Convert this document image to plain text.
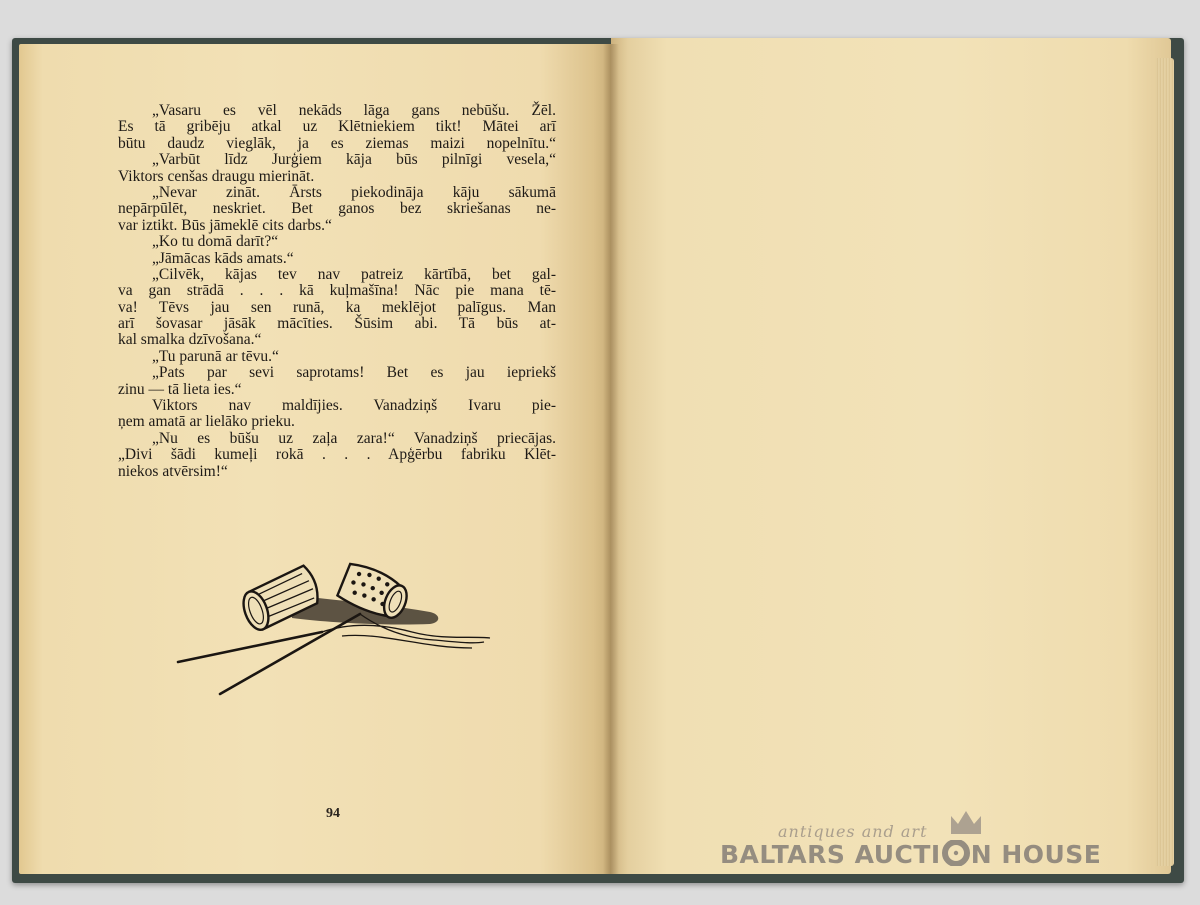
„Vasaru es vēl nekāds lāga gans nebūšu. Žēl.
Es tā gribēju atkal uz Klētniekiem tikt! Mātei arī
būtu daudz vieglāk, ja es ziemas maizi nopelnītu.“
„Varbūt līdz Jurģiem kāja būs pilnīgi vesela,“
Viktors cenšas draugu mierināt.
„Nevar zināt. Ārsts piekodināja kāju sākumā
nepārpūlēt, neskriet. Bet ganos bez skriešanas ne-
var iztikt. Būs jāmeklē cits darbs.“
„Ko tu domā darīt?“
„Jāmācas kāds amats.“
„Cilvēk, kājas tev nav patreiz kārtībā, bet gal-
va gan strādā . . . kā kuļmašīna! Nāc pie mana tē-
va! Tēvs jau sen runā, ka meklējot palīgus. Man
arī šovasar jāsāk mācīties. Šūsim abi. Tā būs at-
kal smalka dzīvošana.“
„Tu parunā ar tēvu.“
„Pats par sevi saprotams! Bet es jau iepriekš
zinu — tā lieta ies.“
Viktors nav maldījies. Vanadziņš Ivaru pie-
ņem amatā ar lielāko prieku.
„Nu es būšu uz zaļa zara!“ Vanadziņš priecājas.
„Divi šādi kumeļi rokā . . . Apģērbu fabriku Klēt-
niekos atvērsim!“
94
antiques and art
BALTARS AUCTI N HOUSE
